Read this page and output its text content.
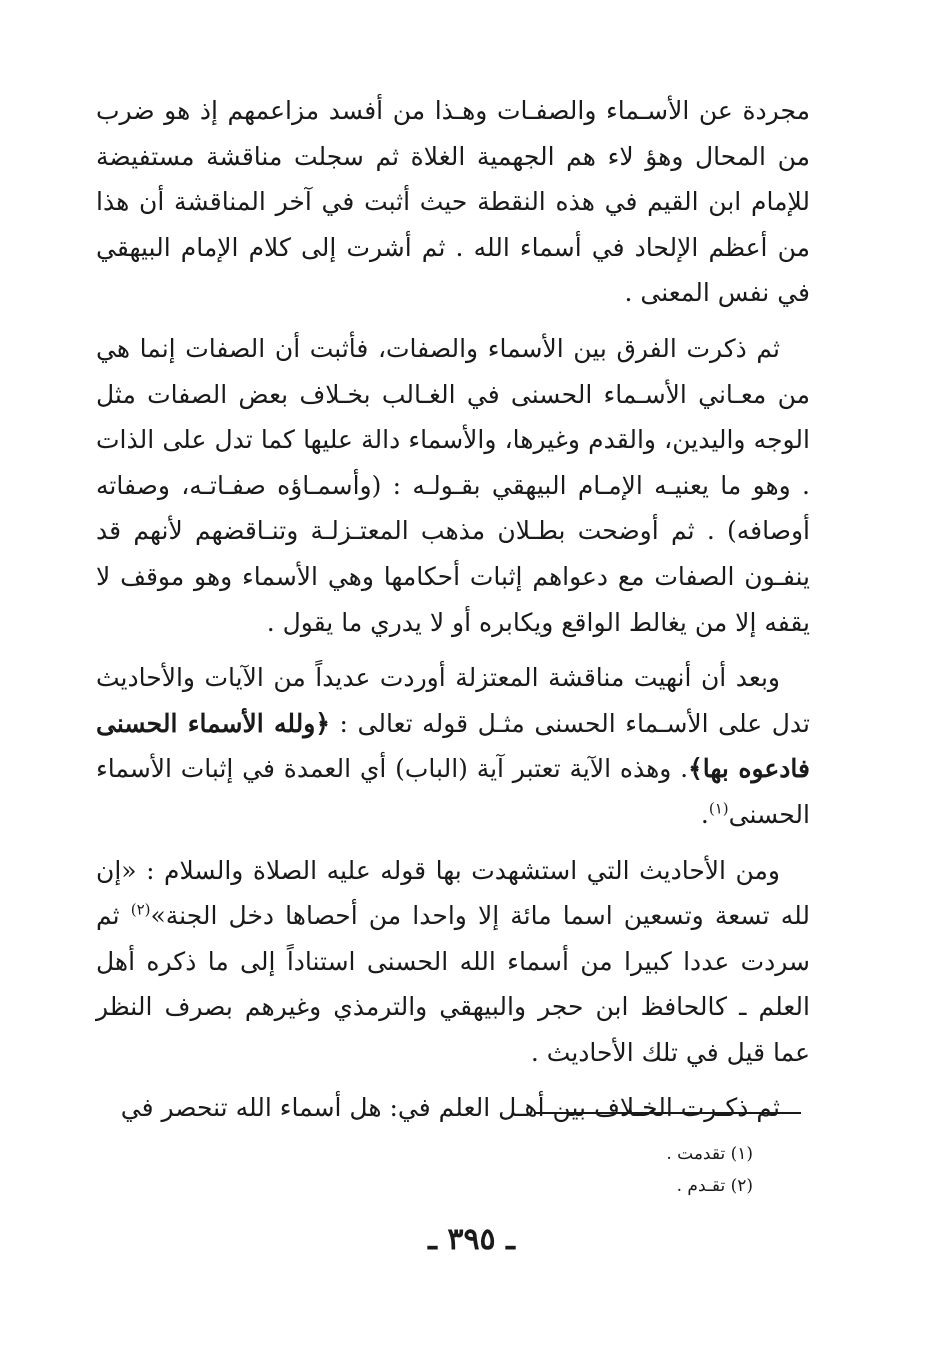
مجردة عن الأسـماء والصفـات وهـذا من أفسد مزاعمهم إذ هو ضرب من المحال وهؤ لاء هم الجهمية الغلاة ثم سجلت مناقشة مستفيضة للإمام ابن القيم في هذه النقطة حيث أثبت في آخر المناقشة أن هذا من أعظم الإلحاد في أسماء الله . ثم أشرت إلى كلام الإمام البيهقي في نفس المعنى .

ثم ذكرت الفرق بين الأسماء والصفات، فأثبت أن الصفات إنما هي من معـاني الأسـماء الحسنى في الغـالب بخـلاف بعض الصفات مثل الوجه واليدين، والقدم وغيرها، والأسماء دالة عليها كما تدل على الذات . وهو ما يعنيـه الإمـام البيهقي بقـولـه : (وأسمـاؤه صفـاتـه، وصفاته أوصافه) . ثم أوضحت بطـلان مذهب المعتـزلـة وتنـاقضهم لأنهم قد ينفـون الصفات مع دعواهم إثبات أحكامها وهي الأسماء وهو موقف لا يقفه إلا من يغالط الواقع ويكابره أو لا يدري ما يقول .

وبعد أن أنهيت مناقشة المعتزلة أوردت عديداً من الآيات والأحاديث تدل على الأسـماء الحسنى مثـل قوله تعالى : ﴿ولله الأسماء الحسنى فادعوه بها﴾. وهذه الآية تعتبر آية (الباب) أي العمدة في إثبات الأسماء الحسنى$^{(١)}$.

ومن الأحاديث التي استشهدت بها قوله عليه الصلاة والسلام : «إن لله تسعة وتسعين اسما مائة إلا واحدا من أحصاها دخل الجنة»$^{(٢)}$ ثم سردت عددا كبيرا من أسماء الله الحسنى استناداً إلى ما ذكره أهل العلم ـ كالحافظ ابن حجر والبيهقي والترمذي وغيرهم بصرف النظر عما قيل في تلك الأحاديث .

ثم ذكـرت الخـلاف بين أهـل العلم في: هل أسماء الله تنحصر في

(١) تقدمت .
(٢) تقـدم .
ـ ٣٩٥ ـ
